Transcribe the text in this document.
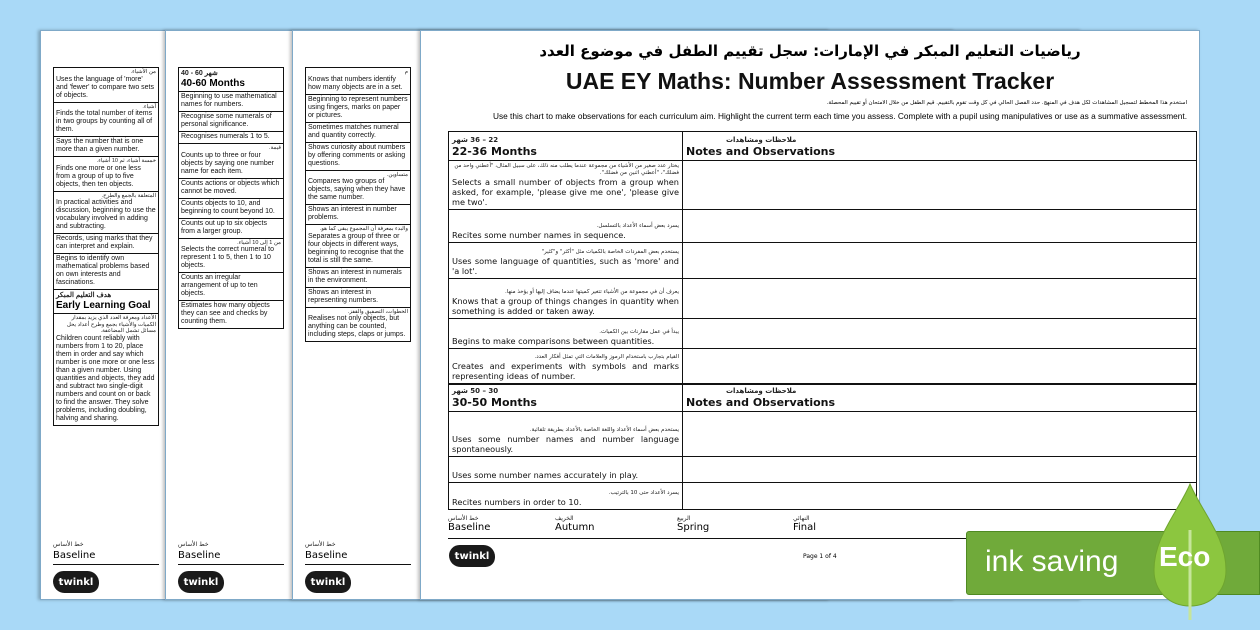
من الأشياء.
Uses the language of 'more' and 'fewer' to compare two sets of objects.
أشياء.
Finds the total number of items in two groups by counting all of them.
Says the number that is one more than a given number.
خمسة أشياء، ثم 10 أشياء.
Finds one more or one less from a group of up to five objects, then ten objects.
المتعلقة بالجمع والطرح.
In practical activities and discussion, beginning to use the vocabulary involved in adding and subtracting.
Records, using marks that they can interpret and explain.
Begins to identify own mathematical problems based on own interests and fascinations.
هدف التعليم المبكر
Early Learning Goal
الأعداد ومعرفة العدد الذي يزيد بمقدار الكميات والأشياء بجمع وطرح أعداد يحل مسائل تشمل المضاعفة.
Children count reliably with numbers from 1 to 20, place them in order and say which number is one more or one less than a given number. Using quantities and objects, they add and subtract two single-digit numbers and count on or back to find the answer. They solve problems, including doubling, halving and sharing.
خط الأساس
Baseline
twinkl
40 - 60 شهر
40-60 Months
Beginning to use mathematical names for numbers.
Recognise some numerals of personal significance.
Recognises numerals 1 to 5.
قيمة.
Counts up to three or four objects by saying one number name for each item.
Counts actions or objects which cannot be moved.
Counts objects to 10, and beginning to count beyond 10.
Counts out up to six objects from a larger group.
من 1 إلى 10 أشياء.
Selects the correct numeral to represent 1 to 5, then 1 to 10 objects.
Counts an irregular arrangement of up to ten objects.
Estimates how many objects they can see and checks by counting them.
خط الأساس
Baseline
twinkl
م
Knows that numbers identify how many objects are in a set.
Beginning to represent numbers using fingers, marks on paper or pictures.
Sometimes matches numeral and quantity correctly.
Shows curiosity about numbers by offering comments or asking questions.
متساوين.
Compares two groups of objects, saying when they have the same number.
Shows an interest in number problems.
والبدء بمعرفة أن المجموع يبقى كما هو.
Separates a group of three or four objects in different ways, beginning to recognise that the total is still the same.
Shows an interest in numerals in the environment.
Shows an interest in representing numbers.
الخطوات، التصفيق والقفز.
Realises not only objects, but anything can be counted, including steps, claps or jumps.
خط الأساس
Baseline
twinkl
رياضيات التعليم المبكر في الإمارات: سجل تقييم الطفل في موضوع العدد
UAE EY Maths: Number Assessment Tracker
استخدم هذا المخطط لتسجيل المشاهدات لكل هدف في المنهج. حدد الفصل الحالي في كل وقت تقوم بالتقييم. قيم الطفل من خلال الامتحان أو تقييم المحصلة.
Use this chart to make observations for each curriculum aim. Highlight the current term each time you assess. Complete with a pupil using manipulatives or use as a summative assessment.
22 – 36 شهر
22-36 Months
ملاحظات ومشاهدات
Notes and Observations
يختار عدد صغير من الأشياء من مجموعة عندما يطلب منه ذلك، على سبيل المثال، "أعطني واحد من فضلك"، "أعطني اثنين من فضلك".
Selects a small number of objects from a group when asked, for example, 'please give me one', 'please give me two'.
يسرد بعض أسماء الأعداد بالتسلسل.
Recites some number names in sequence.
يستخدم بعض المفردات الخاصة بالكميات مثل "أكثر" و"كثير"
Uses some language of quantities, such as 'more' and 'a lot'.
يعرف أن في مجموعة من الأشياء تتغير كميتها عندما يضاف إليها أو يؤخذ منها.
Knows that a group of things changes in quantity when something is added or taken away.
يبدأ في عمل مقارنات بين الكميات.
Begins to make comparisons between quantities.
القيام بتجارب باستخدام الرموز والعلامات التي تمثل أفكار العدد.
Creates and experiments with symbols and marks representing ideas of number.
30 – 50 شهر
30-50 Months
ملاحظات ومشاهدات
Notes and Observations
يستخدم بعض أسماء الأعداد واللغة الخاصة بالأعداد بطريقة تلقائية.
Uses some number names and number language spontaneously.
Uses some number names accurately in play.
يسرد الأعداد حتى 10 بالترتيب.
Recites numbers in order to 10.
خط الأساس
Baseline
الخريف
Autumn
الربيع
Spring
النهائي
Final
twinkl	Page 1 of 4	ink saving Eco
